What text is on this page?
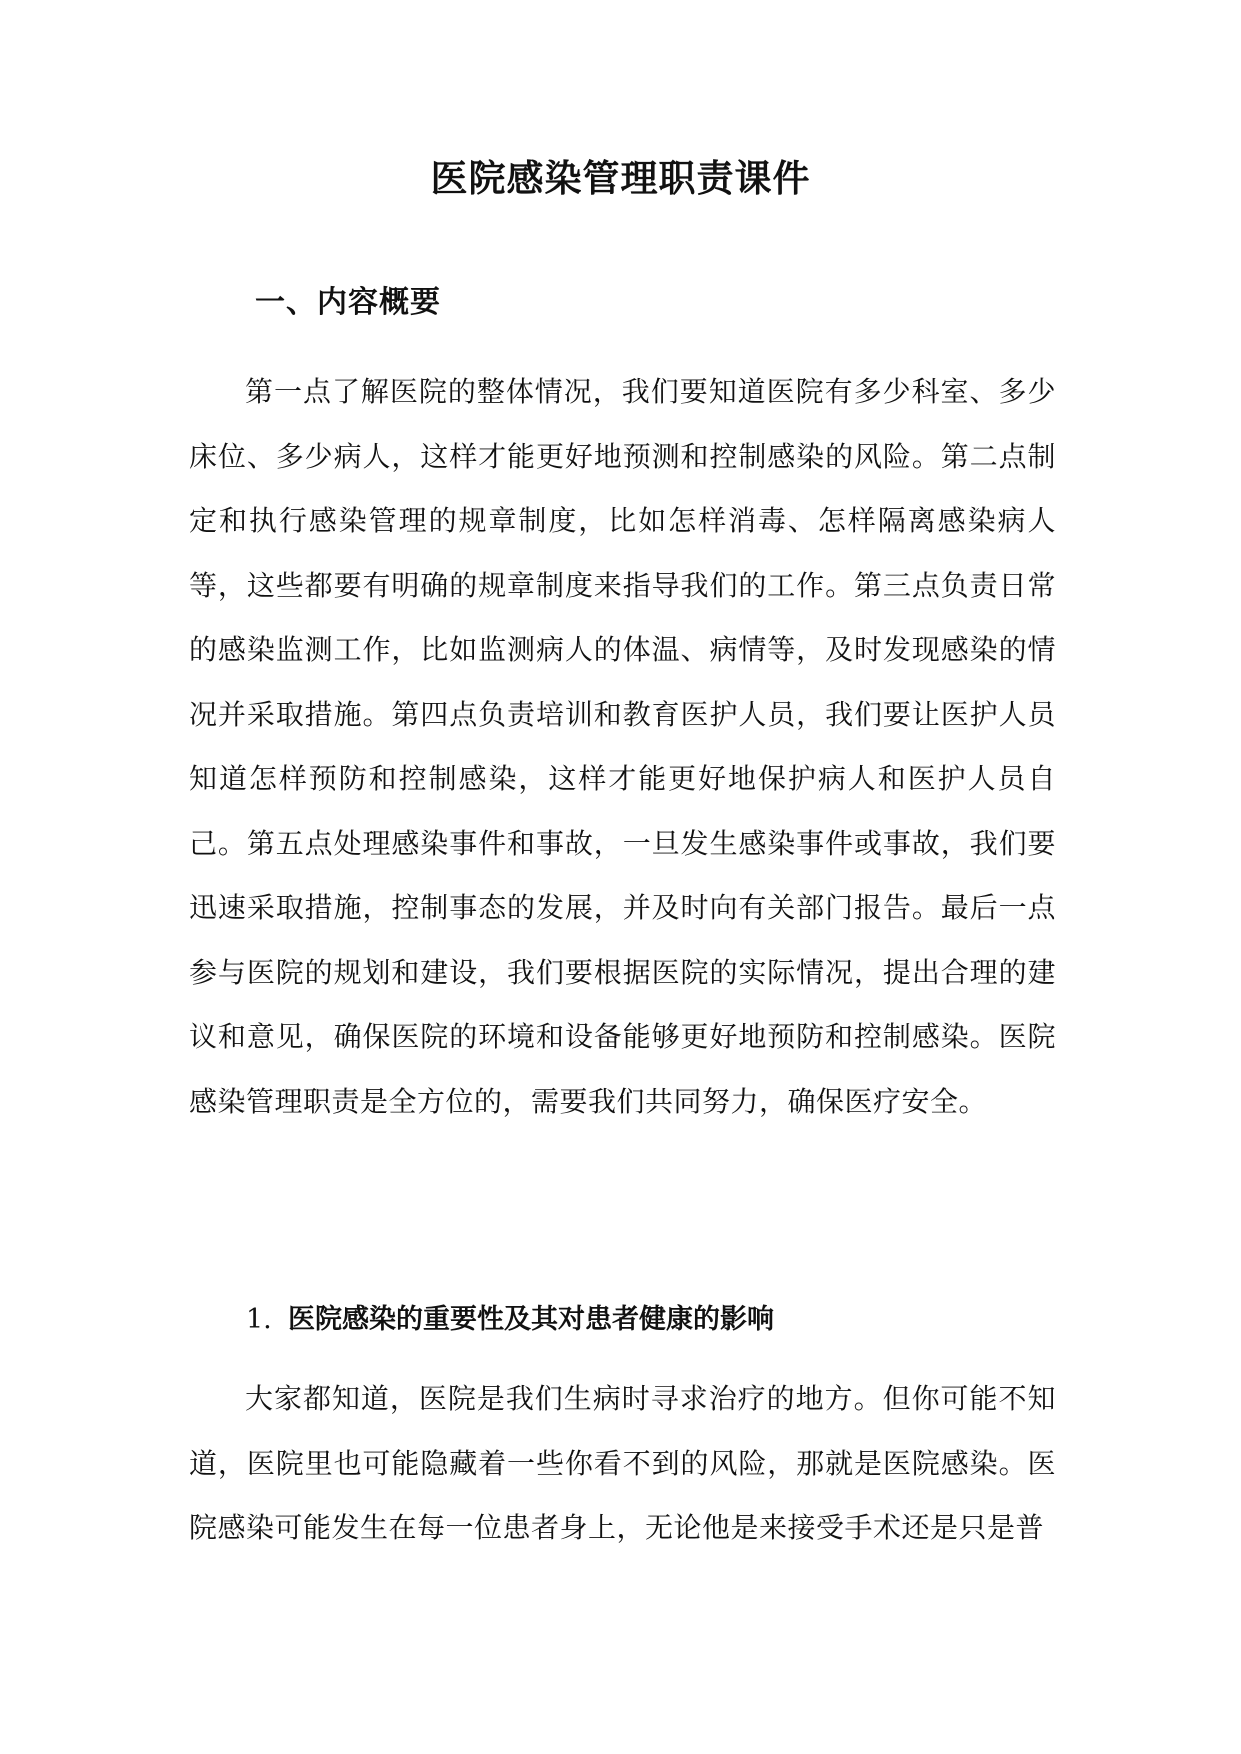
医院感染管理职责课件
一、内容概要

第一点了解医院的整体情况，我们要知道医院有多少科室、多少床位、多少病人，这样才能更好地预测和控制感染的风险。第二点制定和执行感染管理的规章制度，比如怎样消毒、怎样隔离感染病人等，这些都要有明确的规章制度来指导我们的工作。第三点负责日常的感染监测工作，比如监测病人的体温、病情等，及时发现感染的情况并采取措施。第四点负责培训和教育医护人员，我们要让医护人员知道怎样预防和控制感染，这样才能更好地保护病人和医护人员自己。第五点处理感染事件和事故，一旦发生感染事件或事故，我们要迅速采取措施，控制事态的发展，并及时向有关部门报告。最后一点参与医院的规划和建设，我们要根据医院的实际情况，提出合理的建议和意见，确保医院的环境和设备能够更好地预防和控制感染。医院感染管理职责是全方位的，需要我们共同努力，确保医疗安全。

1. 医院感染的重要性及其对患者健康的影响

大家都知道，医院是我们生病时寻求治疗的地方。但你可能不知道，医院里也可能隐藏着一些你看不到的风险，那就是医院感染。医院感染可能发生在每一位患者身上，无论他是来接受手术还是只是普
